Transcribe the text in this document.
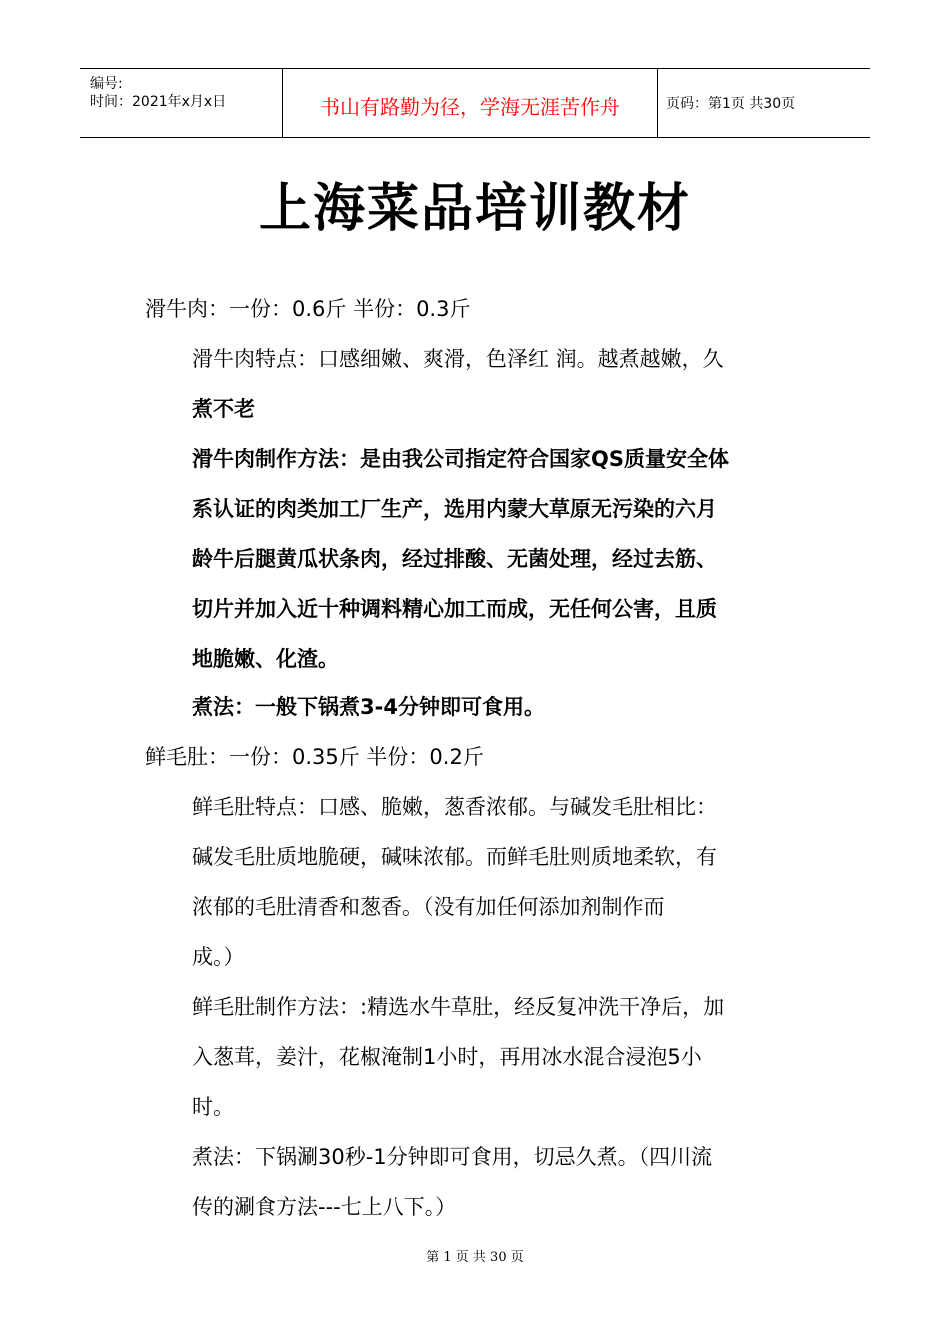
编号:
时间：2021年x月x日	书山有路勤为径，学海无涯苦作舟	页码：第1页 共30页
上海菜品培训教材
滑牛肉：一份：0.6斤 半份：0.3斤
滑牛肉特点：口感细嫩、爽滑，色泽红 润。越煮越嫩，久
煮不老
滑牛肉制作方法：是由我公司指定符合国家QS质量安全体
系认证的肉类加工厂生产，选用内蒙大草原无污染的六月
龄牛后腿黄瓜状条肉，经过排酸、无菌处理，经过去筋、
切片并加入近十种调料精心加工而成，无任何公害，且质
地脆嫩、化渣。
煮法：一般下锅煮3-4分钟即可食用。
鲜毛肚：一份：0.35斤 半份：0.2斤
鲜毛肚特点：口感、脆嫩，葱香浓郁。与碱发毛肚相比：
碱发毛肚质地脆硬，碱味浓郁。而鲜毛肚则质地柔软，有
浓郁的毛肚清香和葱香。（没有加任何添加剂制作而
成。）
鲜毛肚制作方法：:精选水牛草肚，经反复冲洗干净后，加
入葱茸，姜汁，花椒淹制1小时，再用冰水混合浸泡5小
时。
煮法：下锅涮30秒-1分钟即可食用，切忌久煮。（四川流
传的涮食方法---七上八下。）
第 1 页 共 30 页
